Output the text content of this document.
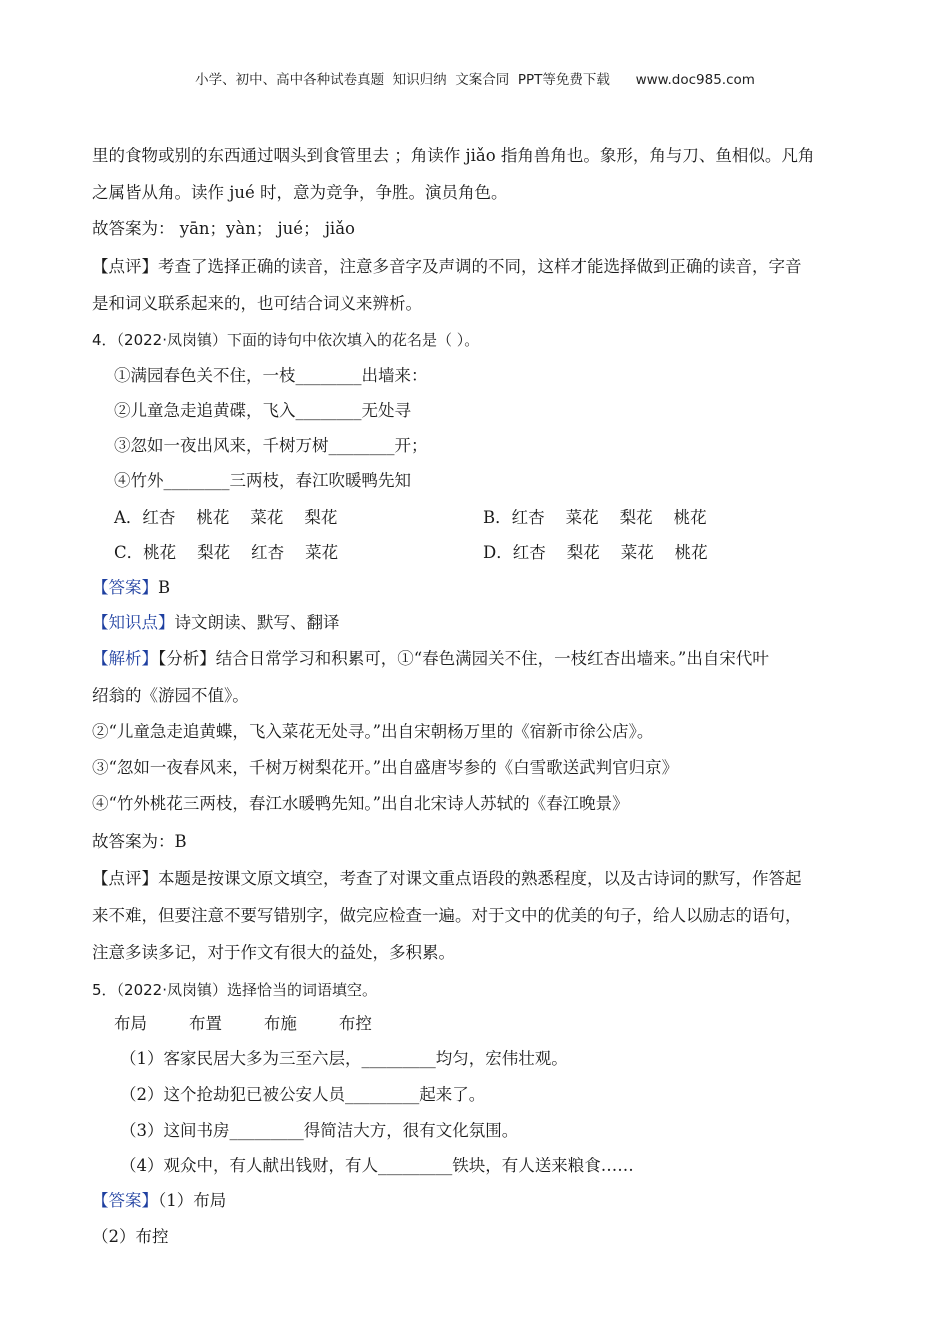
小学、初中、高中各种试卷真题  知识归纳  文案合同  PPT等免费下载      www.doc985.com
里的食物或别的东西通过咽头到食管里去 ；角读作 jiǎo 指角兽角也。象形，角与刀、鱼相似。凡角
之属皆从角。读作 jué 时，意为竞争，争胜。演员角色。
故答案为： yān；yàn； jué； jiǎo
【点评】考查了选择正确的读音，注意多音字及声调的不同，这样才能选择做到正确的读音，字音
是和词义联系起来的，也可结合词义来辨析。
4．（2022·凤岗镇）下面的诗句中依次填入的花名是（ ）。
①满园春色关不住，一枝________出墙来：
②儿童急走追黄碟，飞入________无处寻
③忽如一夜出风来，千树万树________开；
④竹外________三两枝，春江吹暖鸭先知
A．红杏    桃花    菜花    梨花	B．红杏    菜花    梨花    桃花
C．桃花    梨花    红杏    菜花	D．红杏    梨花    菜花    桃花
【答案】B
【知识点】诗文朗读、默写、翻译
【解析】【分析】结合日常学习和积累可，①“春色满园关不住，一枝红杏出墙来。”出自宋代叶
绍翁的《游园不值》。
②“儿童急走追黄蝶，飞入菜花无处寻。”出自宋朝杨万里的《宿新市徐公店》。
③“忽如一夜春风来，千树万树梨花开。”出自盛唐岑参的《白雪歌送武判官归京》
④“竹外桃花三两枝，春江水暖鸭先知。”出自北宋诗人苏轼的《春江晚景》
故答案为：B
【点评】本题是按课文原文填空，考查了对课文重点语段的熟悉程度，以及古诗词的默写，作答起
来不难，但要注意不要写错别字，做完应检查一遍。对于文中的优美的句子，给人以励志的语句，
注意多读多记，对于作文有很大的益处，多积累。
5．（2022·凤岗镇）选择恰当的词语填空。
布局        布置        布施        布控
（1）客家民居大多为三至六层，_________均匀，宏伟壮观。
（2）这个抢劫犯已被公安人员_________起来了。
（3）这间书房_________得简洁大方，很有文化氛围。
（4）观众中，有人献出钱财，有人_________铁块，有人送来粮食……
【答案】（1）布局
（2）布控
